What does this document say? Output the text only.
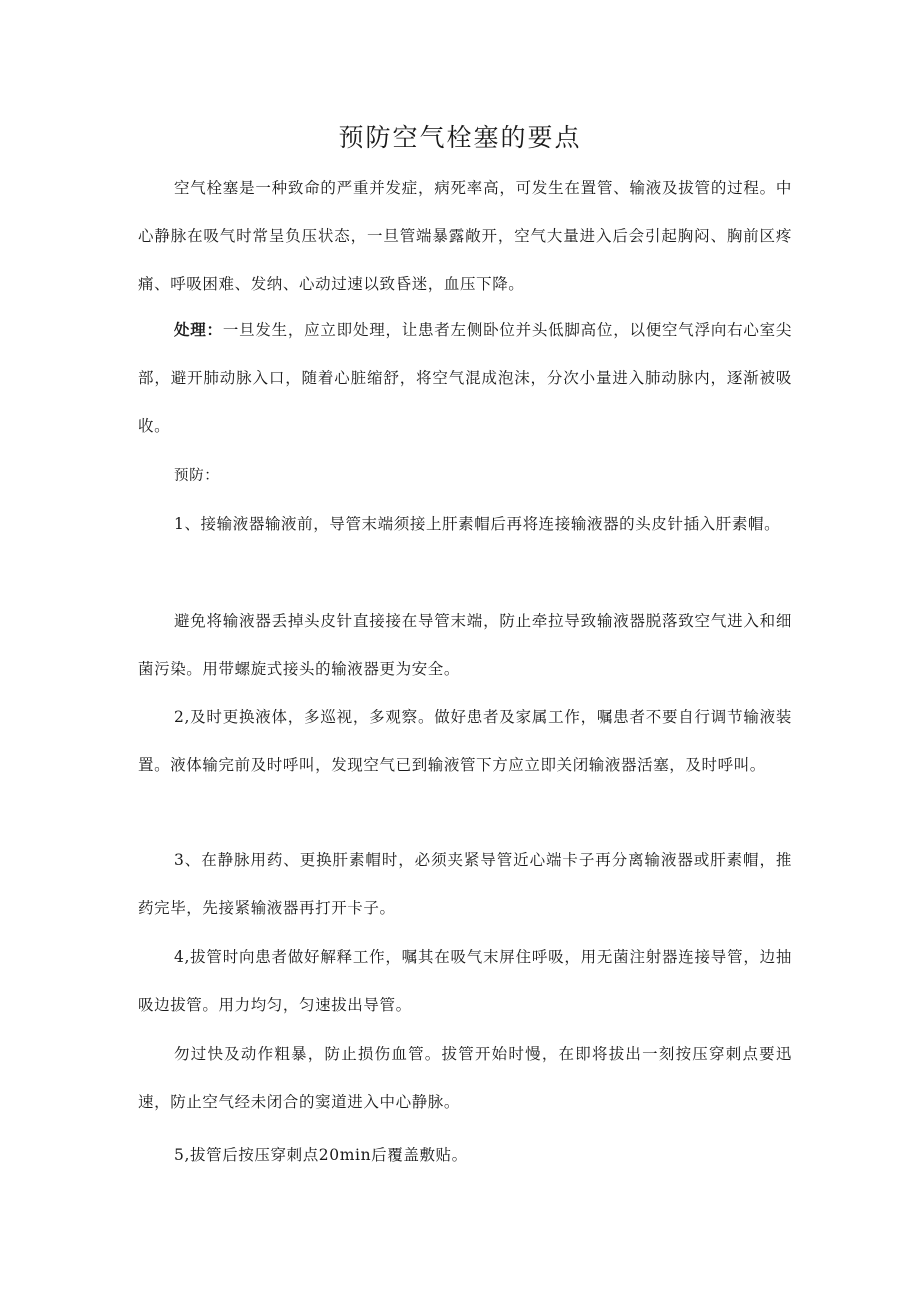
预防空气栓塞的要点

空气栓塞是一种致命的严重并发症，病死率高，可发生在置管、输液及拔管的过程。中心静脉在吸气时常呈负压状态，一旦管端暴露敞开，空气大量进入后会引起胸闷、胸前区疼痛、呼吸困难、发纳、心动过速以致昏迷，血压下降。

处理：一旦发生，应立即处理，让患者左侧卧位并头低脚高位，以便空气浮向右心室尖部，避开肺动脉入口，随着心脏缩舒，将空气混成泡沫，分次小量进入肺动脉内，逐渐被吸收。

预防：

1、接输液器输液前，导管末端须接上肝素帽后再将连接输液器的头皮针插入肝素帽。

避免将输液器丢掉头皮针直接接在导管末端，防止牵拉导致输液器脱落致空气进入和细菌污染。用带螺旋式接头的输液器更为安全。

2,及时更换液体，多巡视，多观察。做好患者及家属工作，嘱患者不要自行调节输液装置。液体输完前及时呼叫，发现空气已到输液管下方应立即关闭输液器活塞，及时呼叫。

3、在静脉用药、更换肝素帽时，必须夹紧导管近心端卡子再分离输液器或肝素帽，推药完毕，先接紧输液器再打开卡子。

4,拔管时向患者做好解释工作，嘱其在吸气末屏住呼吸，用无菌注射器连接导管，边抽吸边拔管。用力均匀，匀速拔出导管。

勿过快及动作粗暴，防止损伤血管。拔管开始时慢，在即将拔出一刻按压穿刺点要迅速，防止空气经未闭合的窦道进入中心静脉。

5,拔管后按压穿刺点20min后覆盖敷贴。
